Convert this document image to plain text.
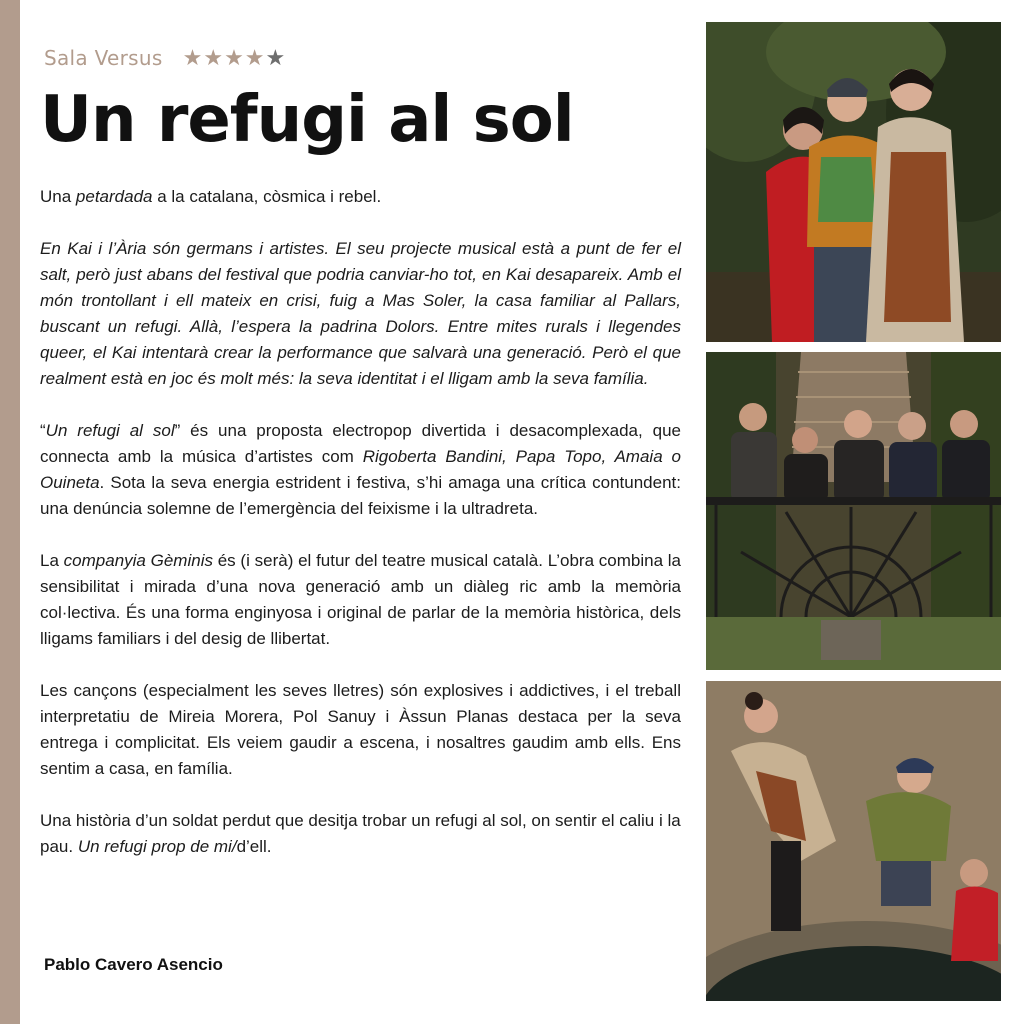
Sala Versus ★ ★ ★ ★ ★
Un refugi al sol

Una petardada a la catalana, còsmica i rebel.

En Kai i l’Ària són germans i artistes. El seu projecte musical està a punt de fer el salt, però just abans del festival que podria canviar-ho tot, en Kai desapareix. Amb el món trontollant i ell mateix en crisi, fuig a Mas Soler, la casa familiar al Pallars, buscant un refugi. Allà, l’espera la padrina Dolors. Entre mites rurals i llegendes queer, el Kai intentarà crear la performance que salvarà una generació. Però el que realment està en joc és molt més: la seva identitat i el lligam amb la seva família.

“Un refugi al sol” és una proposta electropop divertida i desacomplexada, que connecta amb la música d’artistes com Rigoberta Bandini, Papa Topo, Amaia o Ouineta. Sota la seva energia estrident i festiva, s’hi amaga una crítica contundent: una denúncia solemne de l’emergència del feixisme i la ultradreta.

La companyia Gèminis és (i serà) el futur del teatre musical català. L’obra combina la sensibilitat i mirada d’una nova generació amb un diàleg ric amb la memòria col·lectiva. És una forma enginyosa i original de parlar de la memòria històrica, dels lligams familiars i del desig de llibertat.

Les cançons (especialment les seves lletres) són explosives i addictives, i el treball interpretatiu de Mireia Morera, Pol Sanuy i Àssun Planas destaca per la seva entrega i complicitat. Els veiem gaudir a escena, i nosaltres gaudim amb ells. Ens sentim a casa, en família.

Una història d’un soldat perdut que desitja trobar un refugi al sol, on sentir el caliu i la pau. Un refugi prop de mi/d’ell.

Pablo Cavero Asencio
